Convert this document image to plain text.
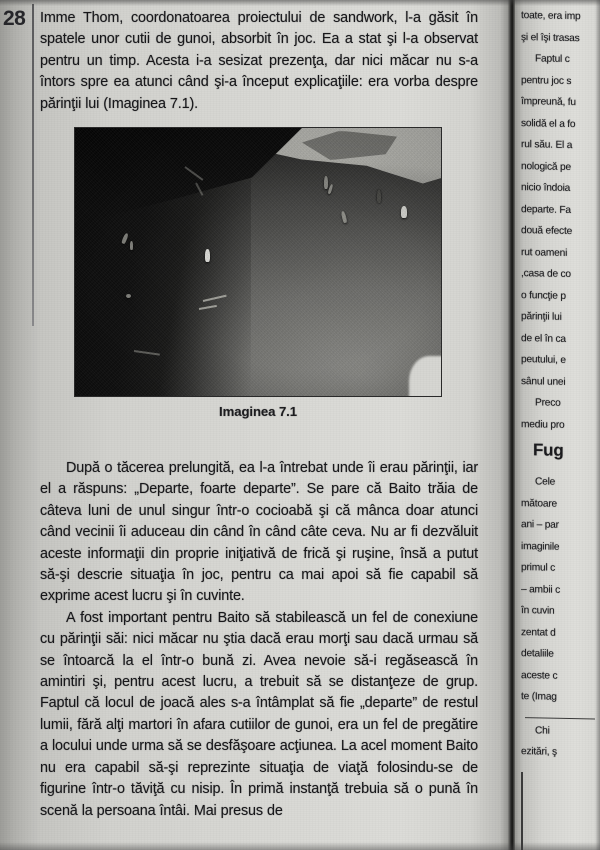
28 Imme Thom, coordonatoarea proiectului de sandwork, l-a găsit în spatele unor cutii de gunoi, absorbit în joc. Ea a stat şi l-a observat pentru un timp. Acesta i-a sesizat prezenţa, dar nici măcar nu s-a întors spre ea atunci când şi-a început explicaţiile: era vorba despre părinţii lui (Imaginea 7.1).

Imaginea 7.1

După o tăcerea prelungită, ea l-a întrebat unde îi erau părinţii, iar el a răspuns: „Departe, foarte departe”. Se pare că Baito trăia de câteva luni de unul singur într-o cocioabă şi că mânca doar atunci când vecinii îi aduceau din când în când câte ceva. Nu ar fi dezvăluit aceste informaţii din proprie iniţiativă de frică şi ruşine, însă a putut să-şi descrie situaţia în joc, pentru ca mai apoi să fie capabil să exprime acest lucru şi în cuvinte.

A fost important pentru Baito să stabilească un fel de conexiune cu părinţii săi: nici măcar nu ştia dacă erau morţi sau dacă urmau să se întoarcă la el într-o bună zi. Avea nevoie să-i regăsească în amintiri şi, pentru acest lucru, a trebuit să se distanţeze de grup. Faptul că locul de joacă ales s-a întâmplat să fie „departe” de restul lumii, fără alţi martori în afara cutiilor de gunoi, era un fel de pregătire a locului unde urma să se desfăşoare acţiunea. La acel moment Baito nu era capabil să-şi reprezinte situaţia de viaţă folosindu-se de figurine într-o tăviţă cu nisip. În primă instanţă trebuia să o pună în scenă la persoana întâi. Mai presus de

toate, era imp
şi el îşi trasas
Faptul c
pentru joc s
împreună, fu
solidă el a fo
rul său. El a
nologică pe
nicio îndoia
departe. Fa
două efecte
rut oameni
,casa de co
o funcţie p
părinţii lui
de el în ca
peutului, e
sânul unei
Preco
mediu pro
Fug
Cele
mătoare
ani – par
imaginile
primul c
– ambii c
în cuvin
zentat d
detaliile
aceste c
te (Imag
Chi
ezitări, ş
